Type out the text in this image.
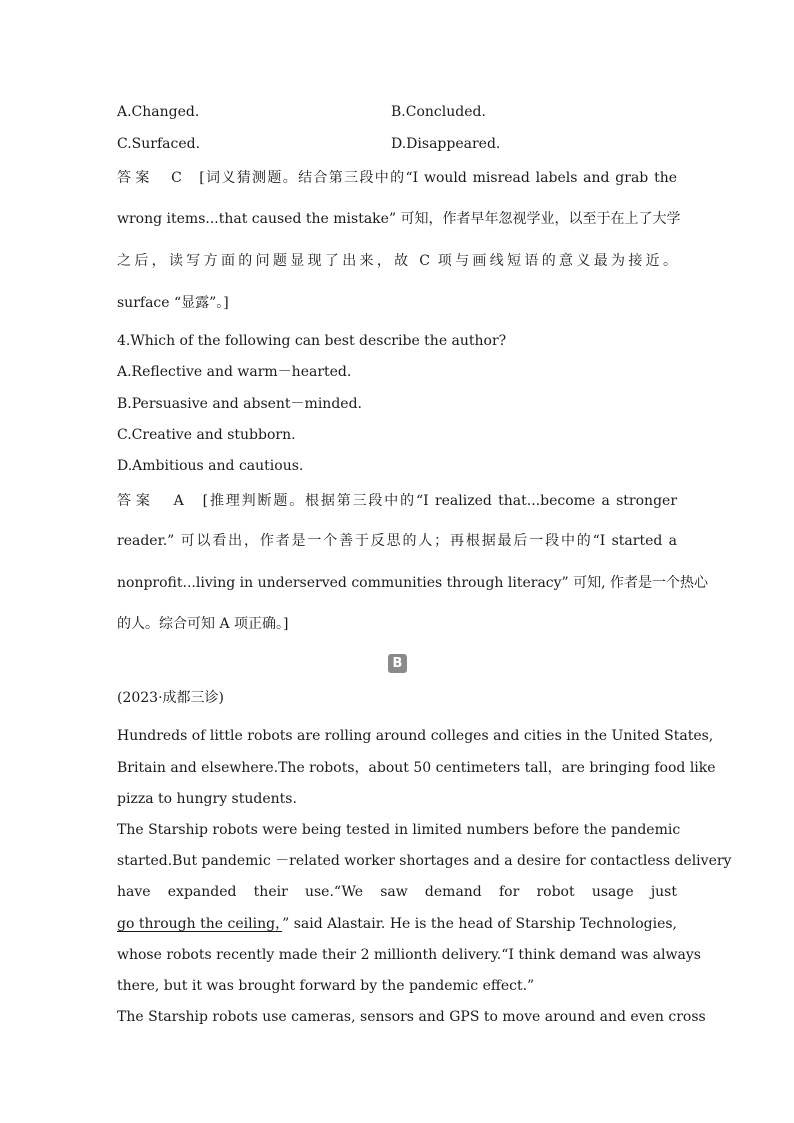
A.Changed.	B.Concluded.
C.Surfaced.	D.Disappeared.
答案 C [词义猜测题。结合第三段中的“I would misread labels and grab the
wrong items...that caused the mistake” 可知，作者早年忽视学业，以至于在上了大学
之后，读写方面的问题显现了出来，故 C 项与画线短语的意义最为接近。
surface “显露”。]
4.Which of the following can best describe the author?
A.Reflective and warm－hearted.
B.Persuasive and absent－minded.
C.Creative and stubborn.
D.Ambitious and cautious.
答案 A [推理判断题。根据第三段中的“I realized that...become a stronger
reader.” 可以看出，作者是一个善于反思的人；再根据最后一段中的“I started a
nonprofit...living in underserved communities through literacy” 可知, 作者是一个热心
的人。综合可知 A 项正确。]
B
(2023·成都三诊)
Hundreds of little robots are rolling around colleges and cities in the United States,
Britain and elsewhere.The robots，about 50 centimeters tall，are bringing food like
pizza to hungry students.
The Starship robots were being tested in limited numbers before the pandemic
started.But pandemic －related worker shortages and a desire for contactless delivery
have expanded their use.“We saw demand for robot usage just
go through the ceiling，” said Alastair. He is the head of Starship Technologies,
whose robots recently made their 2 millionth delivery.“I think demand was always
there, but it was brought forward by the pandemic effect.”
The Starship robots use cameras, sensors and GPS to move around and even cross
